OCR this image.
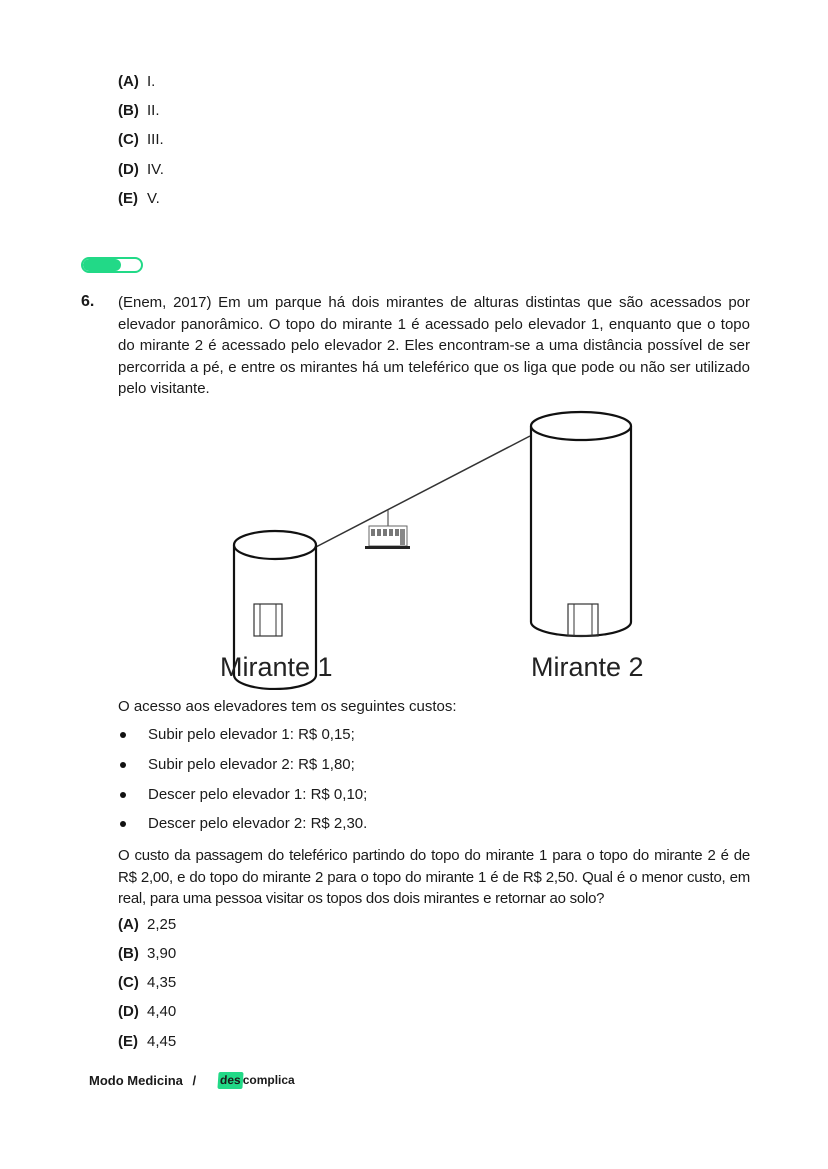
(A) I.
(B) II.
(C) III.
(D) IV.
(E) V.
6. (Enem, 2017) Em um parque há dois mirantes de alturas distintas que são acessados por elevador panorâmico. O topo do mirante 1 é acessado pelo elevador 1, enquanto que o topo do mirante 2 é acessado pelo elevador 2. Eles encontram-se a uma distância possível de ser percorrida a pé, e entre os mirantes há um teleférico que os liga que pode ou não ser utilizado pelo visitante.
Mirante 1	Mirante 2
O acesso aos elevadores tem os seguintes custos:
Subir pelo elevador 1: R$ 0,15;
Subir pelo elevador 2: R$ 1,80;
Descer pelo elevador 1: R$ 0,10;
Descer pelo elevador 2: R$ 2,30.
O custo da passagem do teleférico partindo do topo do mirante 1 para o topo do mirante 2 é de R$ 2,00, e do topo do mirante 2 para o topo do mirante 1 é de R$ 2,50. Qual é o menor custo, em real, para uma pessoa visitar os topos dos dois mirantes e retornar ao solo?
(A) 2,25
(B) 3,90
(C) 4,35
(D) 4,40
(E) 4,45
Modo Medicina / descomplica
